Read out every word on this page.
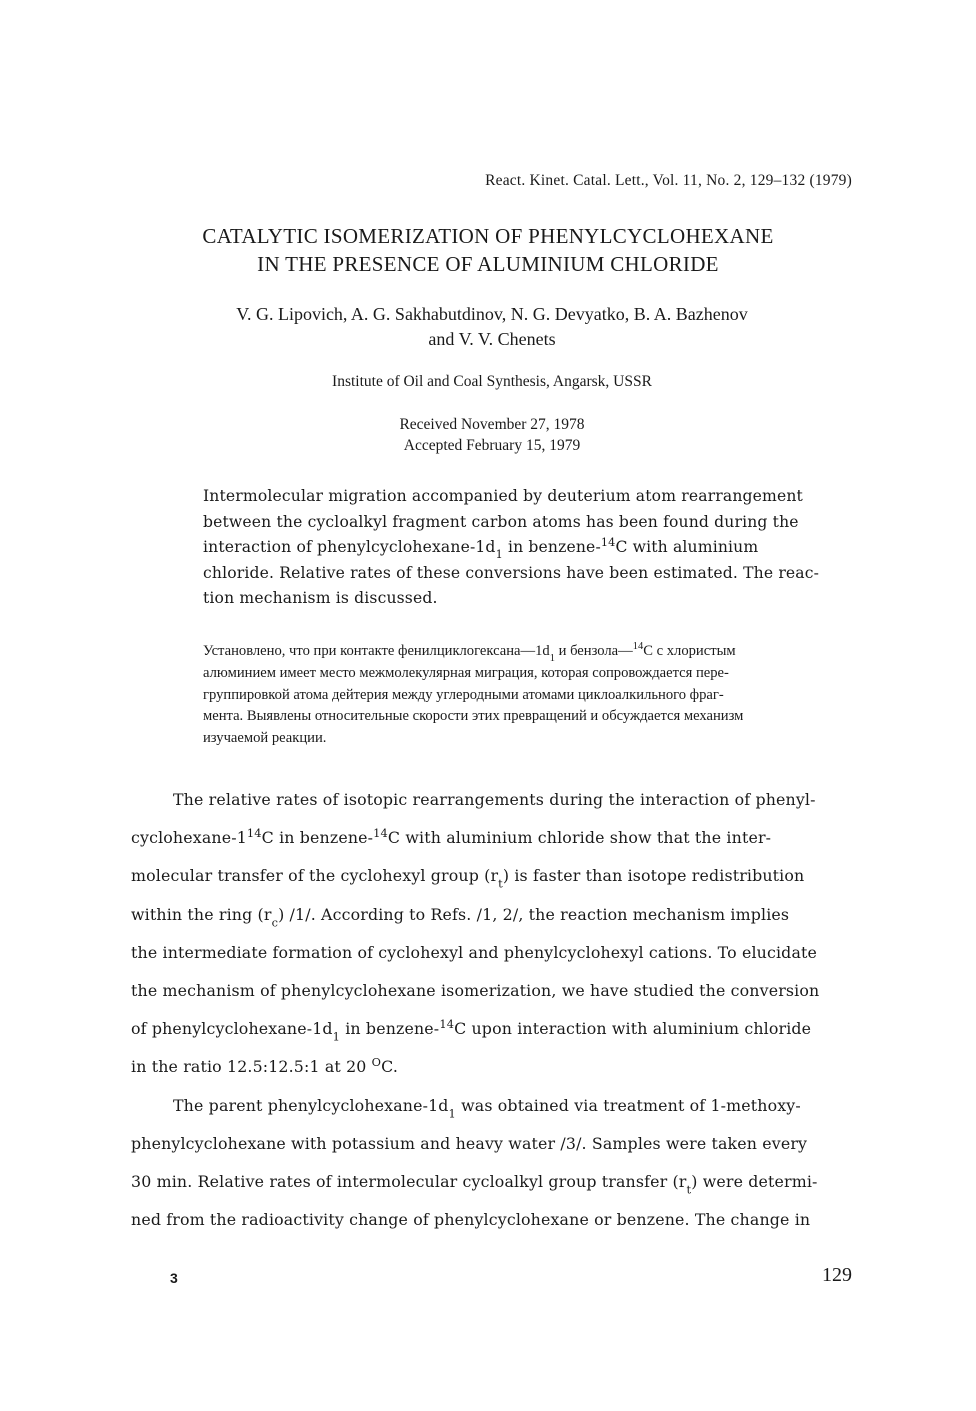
React. Kinet. Catal. Lett., Vol. 11, No. 2, 129–132 (1979)
CATALYTIC ISOMERIZATION OF PHENYLCYCLOHEXANE
IN THE PRESENCE OF ALUMINIUM CHLORIDE
V. G. Lipovich, A. G. Sakhabutdinov, N. G. Devyatko, B. A. Bazhenov
and V. V. Chenets
Institute of Oil and Coal Synthesis, Angarsk, USSR
Received November 27, 1978
Accepted February 15, 1979
Intermolecular migration accompanied by deuterium atom rearrangement
between the cycloalkyl fragment carbon atoms has been found during the
interaction of phenylcyclohexane-$1d_1$ in benzene-$^{14}$C with aluminium
chloride. Relative rates of these conversions have been estimated. The reac-
tion mechanism is discussed.
Установлено, что при контакте $фенилциклогексана—1d_1$ и бензола—$^{14}$C с хлористым
алюминием имеет место межмолекулярная миграция, которая сопровождается пере-
группировкой атома дейтерия между углеродными атомами циклоалкильного фраг-
мента. Выявлены относительные скорости этих превращений и обсуждается механизм
изучаемой реакции.
The relative rates of isotopic rearrangements during the interaction of phenyl-
cyclohexane-$1^{14}C$ in benzene-$^{14}$C with aluminium chloride show that the inter-
molecular transfer of the cyclohexyl group $(r_t)$ is faster than isotope redistribution
within the ring $(r_c)$ /1/. According to Refs. /1, 2/, the reaction mechanism implies
the intermediate formation of cyclohexyl and phenylcyclohexyl cations. To elucidate
the mechanism of phenylcyclohexane isomerization, we have studied the conversion
of phenylcyclohexane-$1d_1$ in benzene-$^{14}$C upon interaction with aluminium chloride
in the ratio 12.5:12.5:1 at 20 $^O$C.
The parent phenylcyclohexane-$1d_1$ was obtained via treatment of 1-methoxy-
phenylcyclohexane with potassium and heavy water /3/. Samples were taken every
30 min. Relative rates of intermolecular cycloalkyl group transfer $(r_t)$ were determi-
ned from the radioactivity change of phenylcyclohexane or benzene. The change in
3	129
